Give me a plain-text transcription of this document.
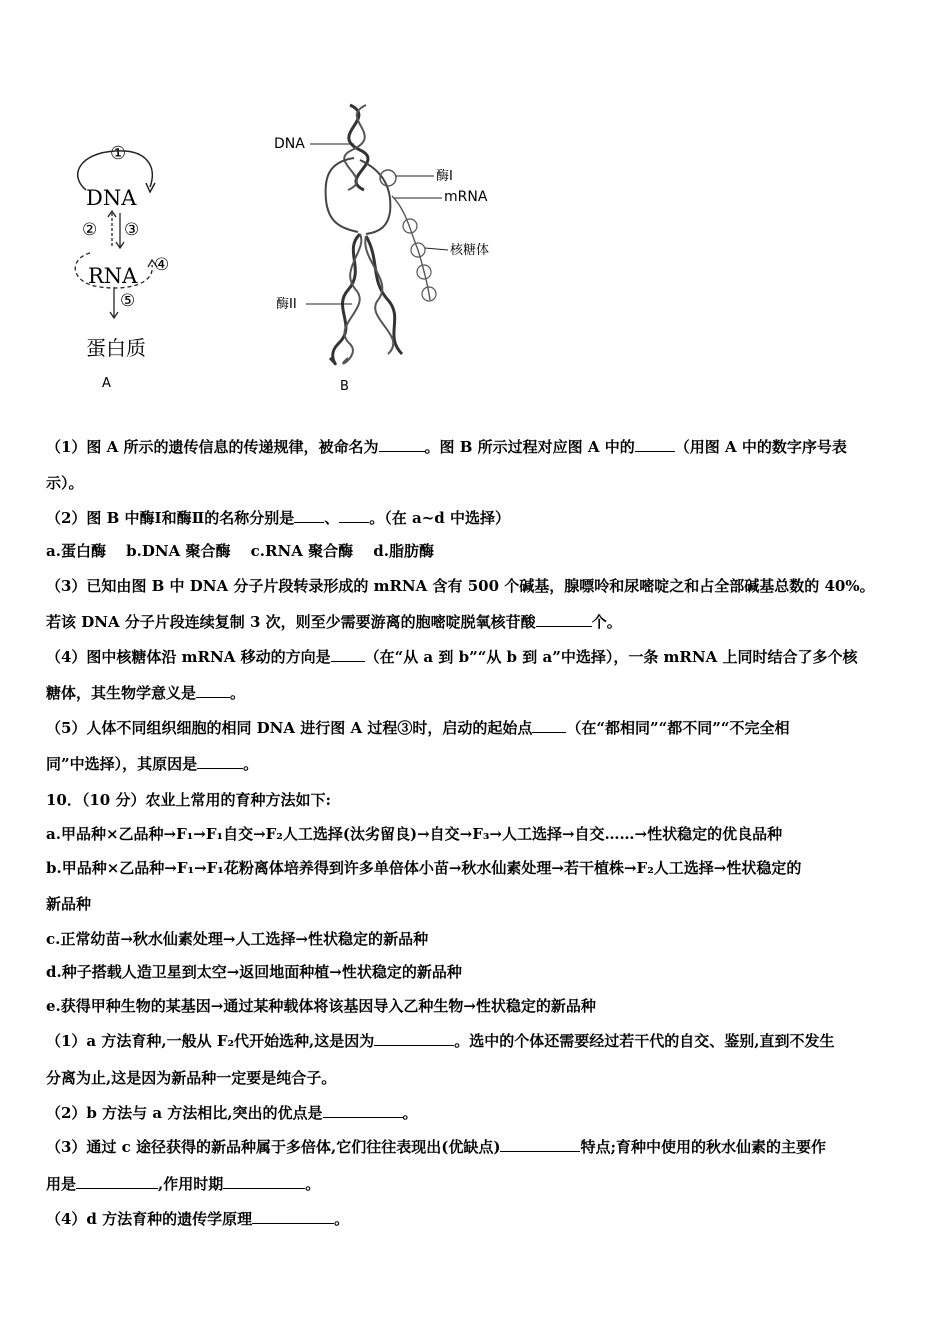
①
DNA
② ③
RNA ④
⑤
蛋白质
A
DNA
酶I
mRNA
核糖体
酶II
B
（1）图 A 所示的遗传信息的传递规律，被命名为	。图 B 所示过程对应图 A 中的	（用图 A 中的数字序号表
示）。
（2）图 B 中酶Ⅰ和酶Ⅱ的名称分别是 、 。（在 a~d 中选择）
a.蛋白酶　 b.DNA 聚合酶　 c.RNA 聚合酶　 d.脂肪酶
（3）已知由图 B 中 DNA 分子片段转录形成的 mRNA 含有 500 个碱基，腺嘌呤和尿嘧啶之和占全部碱基总数的 40%。
若该 DNA 分子片段连续复制 3 次，则至少需要游离的胞嘧啶脱氧核苷酸	个。
（4）图中核糖体沿 mRNA 移动的方向是 （在“从 a 到 b”“从 b 到 a”中选择），一条 mRNA 上同时结合了多个核
糖体，其生物学意义是 。
（5）人体不同组织细胞的相同 DNA 进行图 A 过程③时，启动的起始点 （在“都相同”“都不同”“不完全相
同”中选择），其原因是	。
10．（10 分）农业上常用的育种方法如下:
a.甲品种×乙品种→F₁→F₁自交→F₂人工选择(汰劣留良)→自交→F₃→人工选择→自交……→性状稳定的优良品种
b.甲品种×乙品种→F₁→F₁花粉离体培养得到许多单倍体小苗→秋水仙素处理→若干植株→F₂人工选择→性状稳定的
新品种
c.正常幼苗→秋水仙素处理→人工选择→性状稳定的新品种
d.种子搭载人造卫星到太空→返回地面种植→性状稳定的新品种
e.获得甲种生物的某基因→通过某种载体将该基因导入乙种生物→性状稳定的新品种
（1）a 方法育种,一般从 F₂代开始选种,这是因为	。选中的个体还需要经过若干代的自交、鉴别,直到不发生
分离为止,这是因为新品种一定要是纯合子。
（2）b 方法与 a 方法相比,突出的优点是	。
（3）通过 c 途径获得的新品种属于多倍体,它们往往表现出(优缺点)	特点;育种中使用的秋水仙素的主要作
用是	,作用时期	。
（4）d 方法育种的遗传学原理	。
